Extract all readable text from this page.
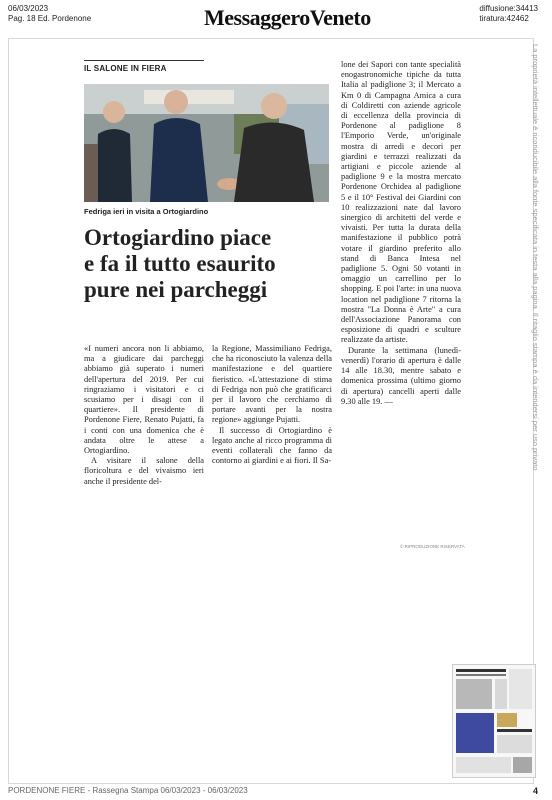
06/03/2023
Pag. 18 Ed. Pordenone	MessaggeroVeneto	diffusione:34413
tiratura:42462
La proprietà intellettuale è riconducibile alla fonte specificata in testa alla pagina. Il ritaglio stampa è da intendersi per uso privato
IL SALONE IN FIERA
Fedriga ieri in visita a Ortogiardino
Ortogiardino piace
e fa il tutto esaurito
pure nei parcheggi

«I numeri ancora non li abbiamo, ma a giudicare dai parcheggi abbiamo già superato i numeri dell'apertura del 2019. Per cui ringraziamo i visitatori e ci scusiamo per i disagi con il quartiere». Il presidente di Pordenone Fiere, Renato Pujatti, fa i conti con una domenica che è andata oltre le attese a Ortogiardino.

A visitare il salone della floricoltura e del vivaismo ieri anche il presidente del-

la Regione, Massimiliano Fedriga, che ha riconosciuto la valenza della manifestazione e del quartiere fieristico. «L'attestazione di stima di Fedriga non può che gratificarci per il lavoro che cerchiamo di portare avanti per la nostra regione» aggiunge Pujatti.

Il successo di Ortogiardino è legato anche al ricco programma di eventi collaterali che fanno da contorno ai giardini e ai fiori. Il Sa-

lone dei Sapori con tante specialità enogastronomiche tipiche da tutta Italia al padiglione 3; il Mercato a Km 0 di Campagna Amica a cura di Coldiretti con aziende agricole di eccellenza della provincia di Pordenone al padiglione 8 l'Emporio Verde, un'originale mostra di arredi e decori per giardini e terrazzi realizzati da artigiani e piccole aziende al padiglione 9 e la mostra mercato Pordenone Orchidea al padiglione 5 e il 10° Festival dei Giardini con 10 realizzazioni nate dal lavoro sinergico di architetti del verde e vivaisti. Per tutta la durata della manifestazione il pubblico potrà votare il giardino preferito allo stand di Banca Intesa nel padiglione 5. Ogni 50 votanti in omaggio un carrellino per lo shopping. E poi l'arte: in una nuova location nel padiglione 7 ritorna la mostra "La Donna è Arte" a cura dell'Associazione Panorama con esposizione di quadri e sculture realizzate da artiste.

Durante la settimana (lunedì-venerdì) l'orario di apertura è dalle 14 alle 18.30, mentre sabato e domenica prossima (ultimo giorno di apertura) cancelli aperti dalle 9.30 alle 19. —

© RIPRODUZIONE RISERVATA
PORDENONE FIERE - Rassegna Stampa 06/03/2023 - 06/03/2023	4
